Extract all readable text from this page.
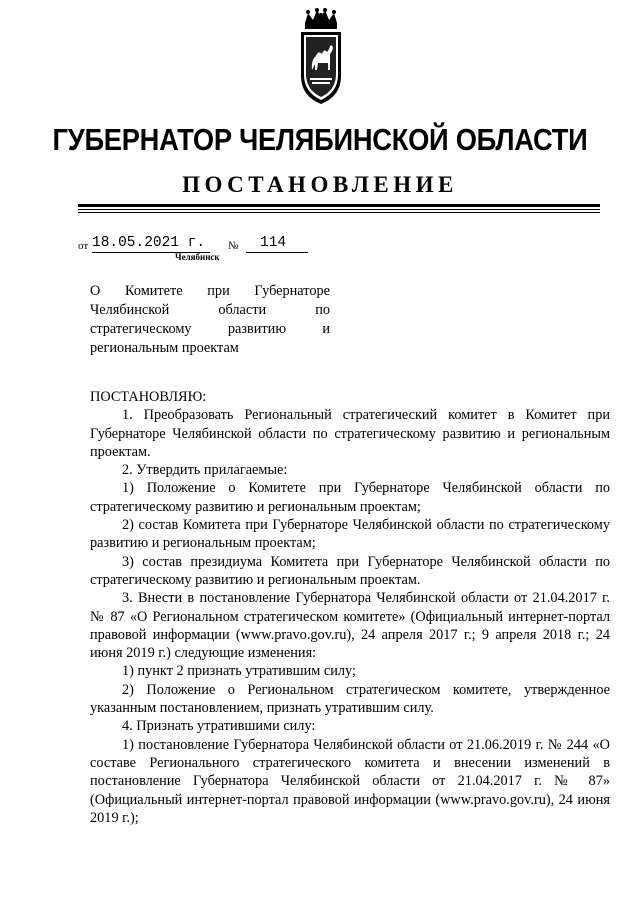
ГУБЕРНАТОР ЧЕЛЯБИНСКОЙ ОБЛАСТИ
ПОСТАНОВЛЕНИЕ
от 18.05.2021 г.	№	114
Челябинск
О Комитете при Губернаторе
Челябинской области по
стратегическому развитию и
региональным проектам
ПОСТАНОВЛЯЮ:
1. Преобразовать Региональный стратегический комитет в Комитет при Губернаторе Челябинской области по стратегическому развитию и региональным проектам.
2. Утвердить прилагаемые:
1) Положение о Комитете при Губернаторе Челябинской области по стратегическому развитию и региональным проектам;
2) состав Комитета при Губернаторе Челябинской области по стратегическому развитию и региональным проектам;
3) состав президиума Комитета при Губернаторе Челябинской области по стратегическому развитию и региональным проектам.
3. Внести в постановление Губернатора Челябинской области от 21.04.2017 г. № 87 «О Региональном стратегическом комитете» (Официальный интернет-портал правовой информации (www.pravo.gov.ru), 24 апреля 2017 г.; 9 апреля 2018 г.; 24 июня 2019 г.) следующие изменения:
1) пункт 2 признать утратившим силу;
2) Положение о Региональном стратегическом комитете, утвержденное указанным постановлением, признать утратившим силу.
4. Признать утратившими силу:
1) постановление Губернатора Челябинской области от 21.06.2019 г. № 244 «О составе Регионального стратегического комитета и внесении изменений в постановление Губернатора Челябинской области от 21.04.2017 г. № 87» (Официальный интернет-портал правовой информации (www.pravo.gov.ru), 24 июня 2019 г.);
